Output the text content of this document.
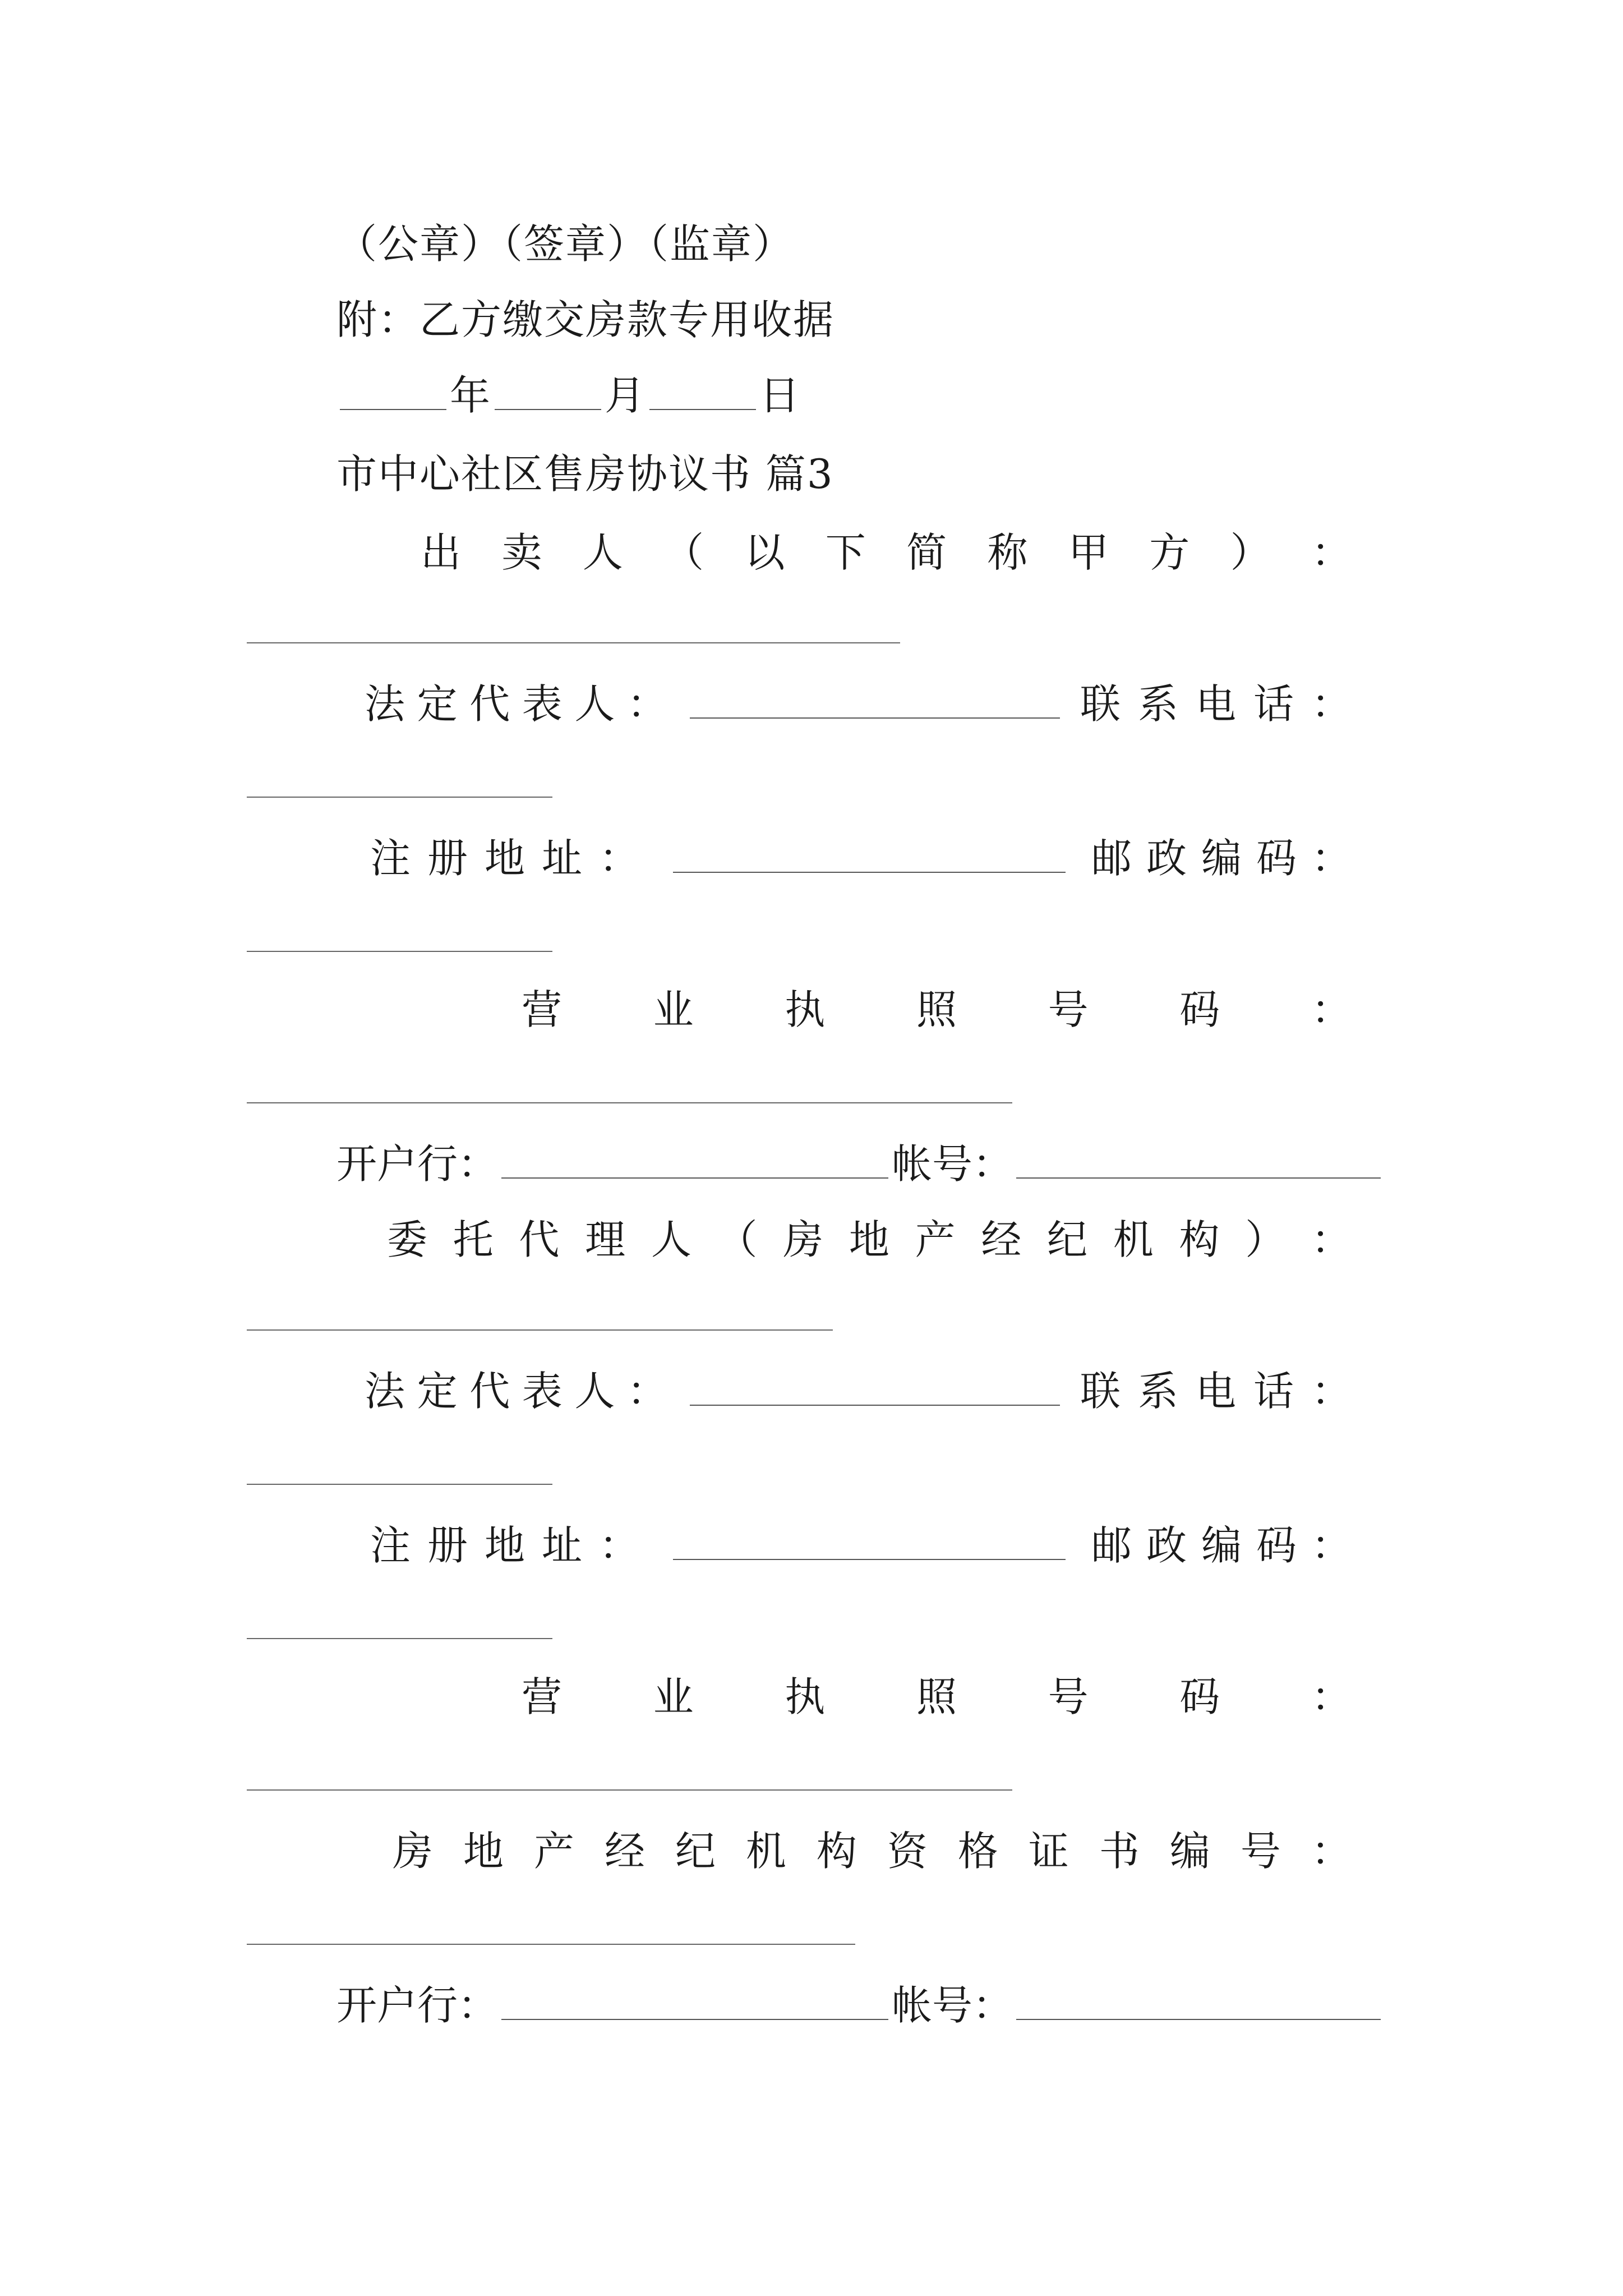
（公章）（签章）（监章）
附：乙方缴交房款专用收据
年	月	日
市中心社区售房协议书 篇3
出 卖 人 （ 以 下 简 称 甲 方 ） ：
法 定 代 表 人 ：	联 系 电 话 ：
注 册 地 址 ：	邮 政 编 码 ：
营 业 执 照 号 码 ：
开户行：	帐号：
委 托 代 理 人 （ 房 地 产 经 纪 机 构 ） ：
法 定 代 表 人 ：	联 系 电 话 ：
注 册 地 址 ：	邮 政 编 码 ：
营 业 执 照 号 码 ：
房 地 产 经 纪 机 构 资 格 证 书 编 号 ：
开户行：	帐号：
